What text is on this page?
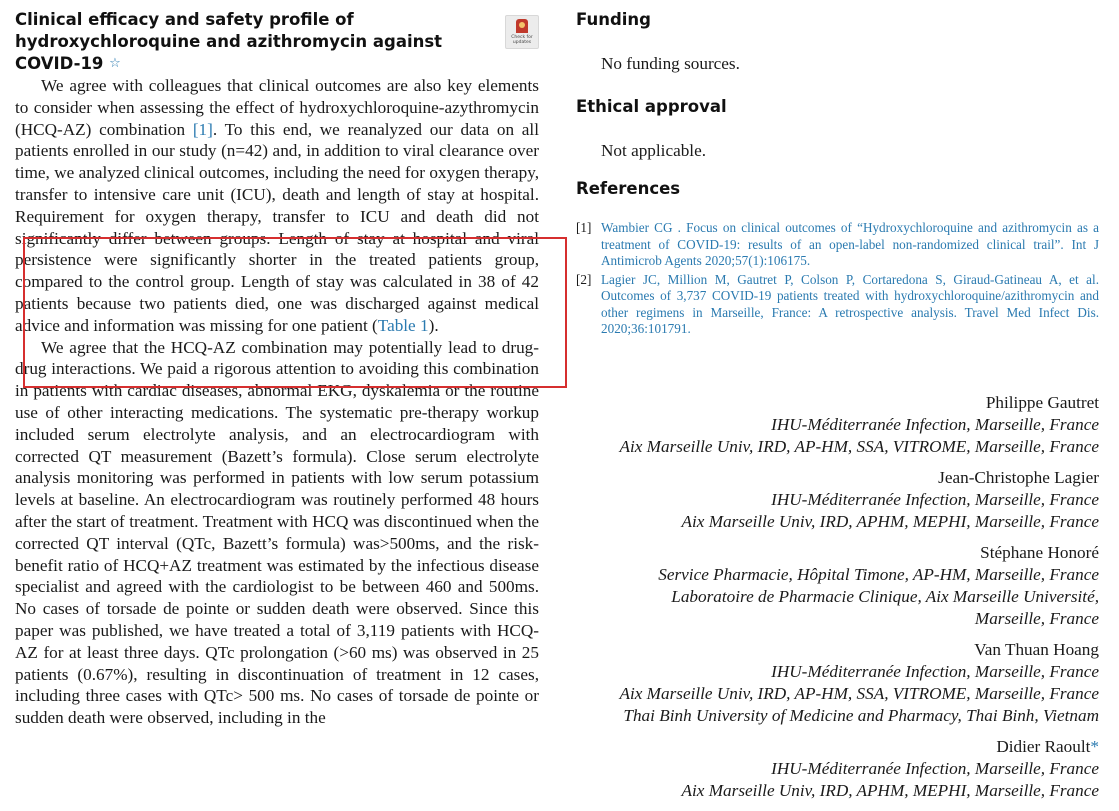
Clinical efficacy and safety profile of hydroxychloroquine and azithromycin against COVID-19 ☆
Check for updates

We agree with colleagues that clinical outcomes are also key elements to consider when assessing the effect of hydroxychloroquine-azythromycin (HCQ-AZ) combination [1]. To this end, we reanalyzed our data on all patients enrolled in our study (n=42) and, in addition to viral clearance over time, we analyzed clinical outcomes, including the need for oxygen therapy, transfer to intensive care unit (ICU), death and length of stay at hospital. Requirement for oxygen therapy, transfer to ICU and death did not significantly differ between groups. Length of stay at hospital and viral persistence were significantly shorter in the treated patients group, compared to the control group. Length of stay was calculated in 38 of 42 patients because two patients died, one was discharged against medical advice and information was missing for one patient (Table 1).

We agree that the HCQ-AZ combination may potentially lead to drug-drug interactions. We paid a rigorous attention to avoiding this combination in patients with cardiac diseases, abnormal EKG, dyskalemia or the routine use of other interacting medications. The systematic pre-therapy workup included serum electrolyte analysis, and an electrocardiogram with corrected QT measurement (Bazett’s formula). Close serum electrolyte analysis monitoring was performed in patients with low serum potassium levels at baseline. An electrocardiogram was routinely performed 48 hours after the start of treatment. Treatment with HCQ was discontinued when the corrected QT interval (QTc, Bazett’s formula) was>500ms, and the risk-benefit ratio of HCQ+AZ treatment was estimated by the infectious disease specialist and agreed with the cardiologist to be between 460 and 500ms. No cases of torsade de pointe or sudden death were observed. Since this paper was published, we have treated a total of 3,119 patients with HCQ-AZ for at least three days. QTc prolongation (>60 ms) was observed in 25 patients (0.67%), resulting in discontinuation of treatment in 12 cases, including three cases with QTc> 500 ms. No cases of torsade de pointe or sudden death were observed, including in the

Funding

No funding sources.

Ethical approval

Not applicable.

References
[1] Wambier CG . Focus on clinical outcomes of “Hydroxychloroquine and azithromycin as a treatment of COVID-19: results of an open-label non-randomized clinical trail”. Int J Antimicrob Agents 2020;57(1):106175.
[2] Lagier JC, Million M, Gautret P, Colson P, Cortaredona S, Giraud-Gatineau A, et al. Outcomes of 3,737 COVID-19 patients treated with hydroxychloroquine/azithromycin and other regimens in Marseille, France: A retrospective analysis. Travel Med Infect Dis. 2020;36:101791.
Philippe Gautret
IHU-Méditerranée Infection, Marseille, France
Aix Marseille Univ, IRD, AP-HM, SSA, VITROME, Marseille, France
Jean-Christophe Lagier
IHU-Méditerranée Infection, Marseille, France
Aix Marseille Univ, IRD, APHM, MEPHI, Marseille, France
Stéphane Honoré
Service Pharmacie, Hôpital Timone, AP-HM, Marseille, France
Laboratoire de Pharmacie Clinique, Aix Marseille Université, Marseille, France
Van Thuan Hoang
IHU-Méditerranée Infection, Marseille, France
Aix Marseille Univ, IRD, AP-HM, SSA, VITROME, Marseille, France
Thai Binh University of Medicine and Pharmacy, Thai Binh, Vietnam
Didier Raoult*
IHU-Méditerranée Infection, Marseille, France
Aix Marseille Univ, IRD, APHM, MEPHI, Marseille, France
